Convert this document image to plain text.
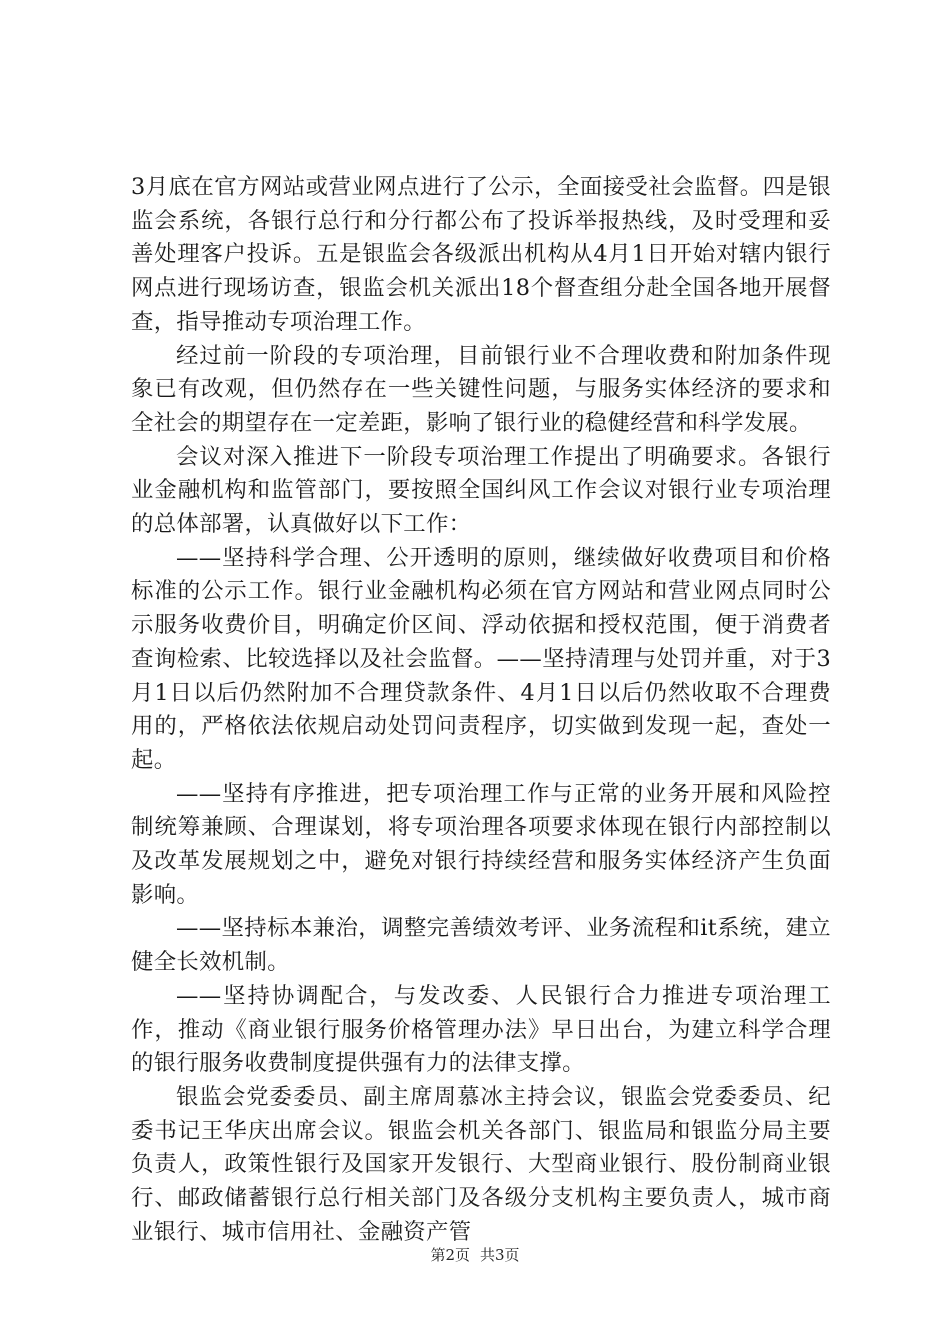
3月底在官方网站或营业网点进行了公示，全面接受社会监督。四是银监会系统，各银行总行和分行都公布了投诉举报热线，及时受理和妥善处理客户投诉。五是银监会各级派出机构从4月1日开始对辖内银行网点进行现场访查，银监会机关派出18个督查组分赴全国各地开展督查，指导推动专项治理工作。

经过前一阶段的专项治理，目前银行业不合理收费和附加条件现象已有改观，但仍然存在一些关键性问题，与服务实体经济的要求和全社会的期望存在一定差距，影响了银行业的稳健经营和科学发展。

会议对深入推进下一阶段专项治理工作提出了明确要求。各银行业金融机构和监管部门，要按照全国纠风工作会议对银行业专项治理的总体部署，认真做好以下工作：

——坚持科学合理、公开透明的原则，继续做好收费项目和价格标准的公示工作。银行业金融机构必须在官方网站和营业网点同时公示服务收费价目，明确定价区间、浮动依据和授权范围，便于消费者查询检索、比较选择以及社会监督。——坚持清理与处罚并重，对于3月1日以后仍然附加不合理贷款条件、4月1日以后仍然收取不合理费用的，严格依法依规启动处罚问责程序，切实做到发现一起，查处一起。

——坚持有序推进，把专项治理工作与正常的业务开展和风险控制统筹兼顾、合理谋划，将专项治理各项要求体现在银行内部控制以及改革发展规划之中，避免对银行持续经营和服务实体经济产生负面影响。

——坚持标本兼治，调整完善绩效考评、业务流程和it系统，建立健全长效机制。

——坚持协调配合，与发改委、人民银行合力推进专项治理工作，推动《商业银行服务价格管理办法》早日出台，为建立科学合理的银行服务收费制度提供强有力的法律支撑。

银监会党委委员、副主席周慕冰主持会议，银监会党委委员、纪委书记王华庆出席会议。银监会机关各部门、银监局和银监分局主要负责人，政策性银行及国家开发银行、大型商业银行、股份制商业银行、邮政储蓄银行总行相关部门及各级分支机构主要负责人，城市商业银行、城市信用社、金融资产管

第2页 共3页
